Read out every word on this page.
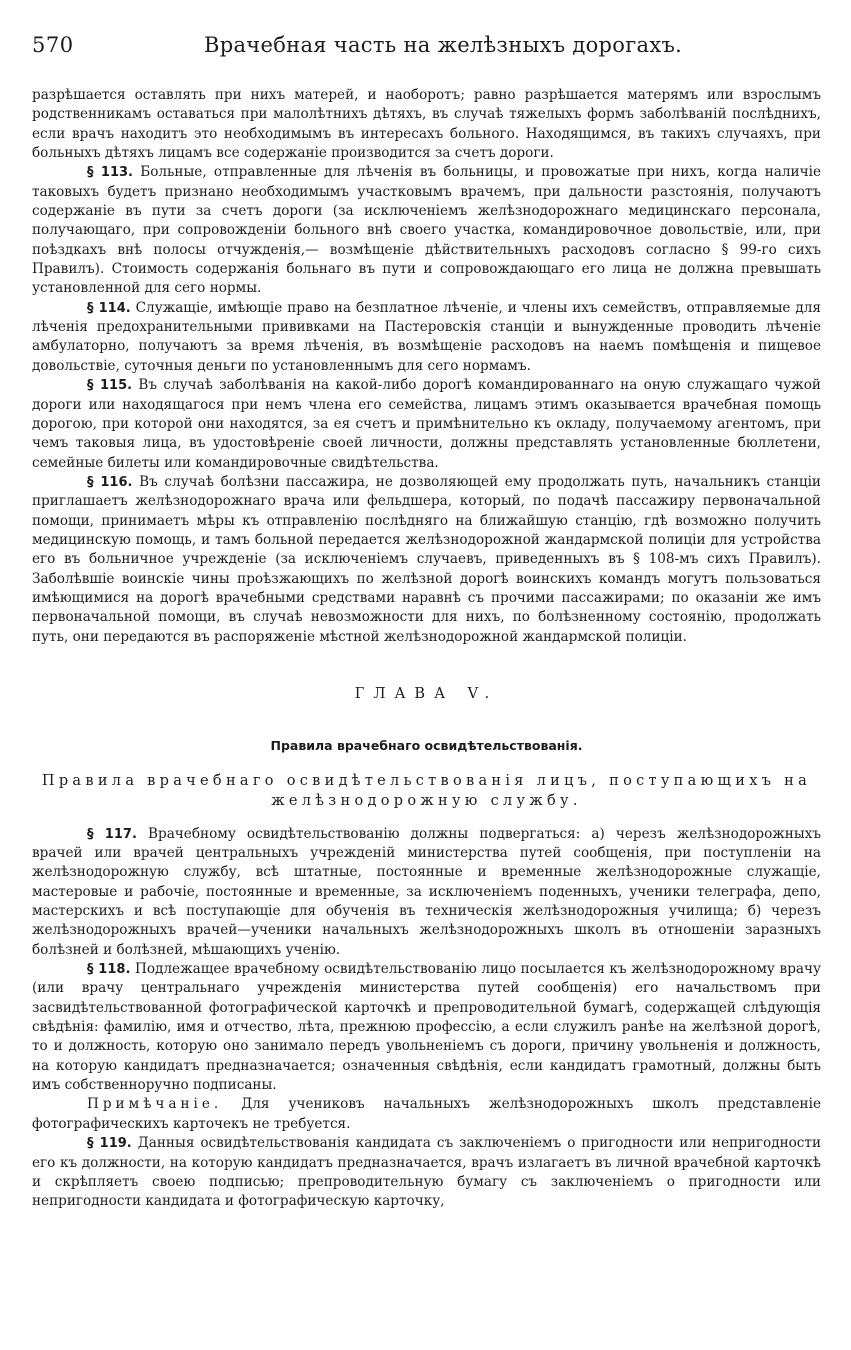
570	Врачебная часть на желѣзныхъ дорогахъ.

разрѣшается оставлять при нихъ матерей, и наоборотъ; равно разрѣшается матерямъ или взрослымъ родственникамъ оставаться при малолѣтнихъ дѣтяхъ, въ случаѣ тяжелыхъ формъ заболѣваній послѣднихъ, если врачъ находитъ это необходимымъ въ интересахъ больного. Находящимся, въ такихъ случаяхъ, при больныхъ дѣтяхъ лицамъ все содержаніе производится за счетъ дороги.

§ 113. Больные, отправленные для лѣченія въ больницы, и провожатые при нихъ, когда наличіе таковыхъ будетъ признано необходимымъ участковымъ врачемъ, при дальности разстоянія, получаютъ содержаніе въ пути за счетъ дороги (за исключеніемъ желѣзнодорожнаго медицинскаго персонала, получающаго, при сопровожденіи больного внѣ своего участка, командировочное довольствіе, или, при поѣздкахъ внѣ полосы отчужденія,— возмѣщеніе дѣйствительныхъ расходовъ согласно § 99-го сихъ Правилъ). Стоимость содержанія больнаго въ пути и сопровождающаго его лица не должна превышать установленной для сего нормы.

§ 114. Служащіе, имѣющіе право на безплатное лѣченіе, и члены ихъ семействъ, отправляемые для лѣченія предохранительными прививками на Пастеровскія станціи и вынужденные проводить лѣченіе амбулаторно, получаютъ за время лѣченія, въ возмѣщеніе расходовъ на наемъ помѣщенія и пищевое довольствіе, суточныя деньги по установленнымъ для сего нормамъ.

§ 115. Въ случаѣ заболѣванія на какой-либо дорогѣ командированнаго на оную служащаго чужой дороги или находящагося при немъ члена его семейства, лицамъ этимъ оказывается врачебная помощь дорогою, при которой они находятся, за ея счетъ и примѣнительно къ окладу, получаемому агентомъ, при чемъ таковыя лица, въ удостовѣреніе своей личности, должны представлять установленные бюллетени, семейные билеты или командировочные свидѣтельства.

§ 116. Въ случаѣ болѣзни пассажира, не дозволяющей ему продолжать путь, начальникъ станціи приглашаетъ желѣзнодорожнаго врача или фельдшера, который, по подачѣ пассажиру первоначальной помощи, принимаетъ мѣры къ отправленію послѣдняго на ближайшую станцію, гдѣ возможно получить медицинскую помощь, и тамъ больной передается желѣзнодорожной жандармской полиціи для устройства его въ больничное учрежденіе (за исключеніемъ случаевъ, приведенныхъ въ § 108-мъ сихъ Правилъ). Заболѣвшіе воинскіе чины проѣзжающихъ по желѣзной дорогѣ воинскихъ командъ могутъ пользоваться имѣющимися на дорогѣ врачебными средствами наравнѣ съ прочими пассажирами; по оказаніи же имъ первоначальной помощи, въ случаѣ невозможности для нихъ, по болѣзненному состоянію, продолжать путь, они передаются въ распоряженіе мѣстной желѣзнодорожной жандармской полиціи.

ГЛАВА V.

Правила врачебнаго освидѣтельствованія.

Правила врачебнаго освидѣтельствованія лицъ, поступающихъ на желѣзнодорожную службу.

§ 117. Врачебному освидѣтельствованію должны подвергаться: а) черезъ желѣзнодорожныхъ врачей или врачей центральныхъ учрежденій министерства путей сообщенія, при поступленіи на желѣзнодорожную службу, всѣ штатные, постоянные и временные желѣзнодорожные служащіе, мастеровые и рабочіе, постоянные и временные, за исключеніемъ поденныхъ, ученики телеграфа, депо, мастерскихъ и всѣ поступающіе для обученія въ техническія желѣзнодорожныя училища; б) черезъ желѣзнодорожныхъ врачей—ученики начальныхъ желѣзнодорожныхъ школъ въ отношеніи заразныхъ болѣзней и болѣзней, мѣшающихъ ученію.

§ 118. Подлежащее врачебному освидѣтельствованію лицо посылается къ желѣзнодорожному врачу (или врачу центральнаго учрежденія министерства путей сообщенія) его начальствомъ при засвидѣтельствованной фотографической карточкѣ и препроводительной бумагѣ, содержащей слѣдующія свѣдѣнія: фамилію, имя и отчество, лѣта, прежнюю профессію, а если служилъ ранѣе на желѣзной дорогѣ, то и должность, которую оно занимало передъ увольненіемъ съ дороги, причину увольненія и должность, на которую кандидатъ предназначается; означенныя свѣдѣнія, если кандидатъ грамотный, должны быть имъ собственноручно подписаны.

Примѣчаніе. Для учениковъ начальныхъ желѣзнодорожныхъ школъ представленіе фотографическихъ карточекъ не требуется.

§ 119. Данныя освидѣтельствованія кандидата съ заключеніемъ о пригодности или непригодности его къ должности, на которую кандидатъ предназначается, врачъ излагаетъ въ личной врачебной карточкѣ и скрѣпляетъ своею подписью; препроводительную бумагу съ заключеніемъ о пригодности или непригодности кандидата и фотографическую карточку,
